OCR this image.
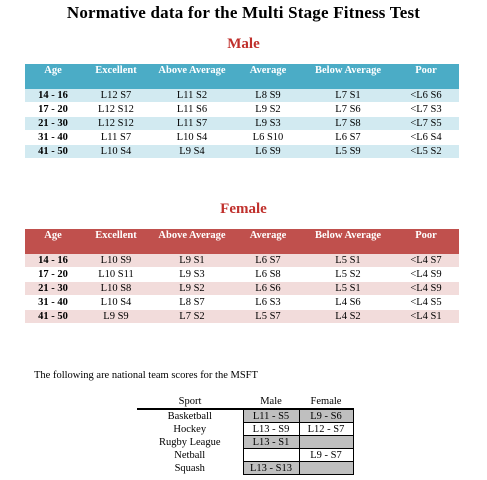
Normative data for the Multi Stage Fitness Test
Male
Age	Excellent	Above Average	Average	Below Average	Poor
14 - 16	L12 S7	L11 S2	L8 S9	L7 S1	<L6 S6
17 - 20	L12 S12	L11 S6	L9 S2	L7 S6	<L7 S3
21 - 30	L12 S12	L11 S7	L9 S3	L7 S8	<L7 S5
31 - 40	L11 S7	L10 S4	L6 S10	L6 S7	<L6 S4
41 - 50	L10 S4	L9 S4	L6 S9	L5 S9	<L5 S2
Female
Age	Excellent	Above Average	Average	Below Average	Poor
14 - 16	L10 S9	L9 S1	L6 S7	L5 S1	<L4 S7
17 - 20	L10 S11	L9 S3	L6 S8	L5 S2	<L4 S9
21 - 30	L10 S8	L9 S2	L6 S6	L5 S1	<L4 S9
31 - 40	L10 S4	L8 S7	L6 S3	L4 S6	<L4 S5
41 - 50	L9 S9	L7 S2	L5 S7	L4 S2	<L4 S1
The following are national team scores for the MSFT
Sport	Male	Female
Basketball	L11 - S5	L9 - S6
Hockey	L13 - S9	L12 - S7
Rugby League	L13 - S1	
Netball		L9 - S7
Squash	L13 - S13	
